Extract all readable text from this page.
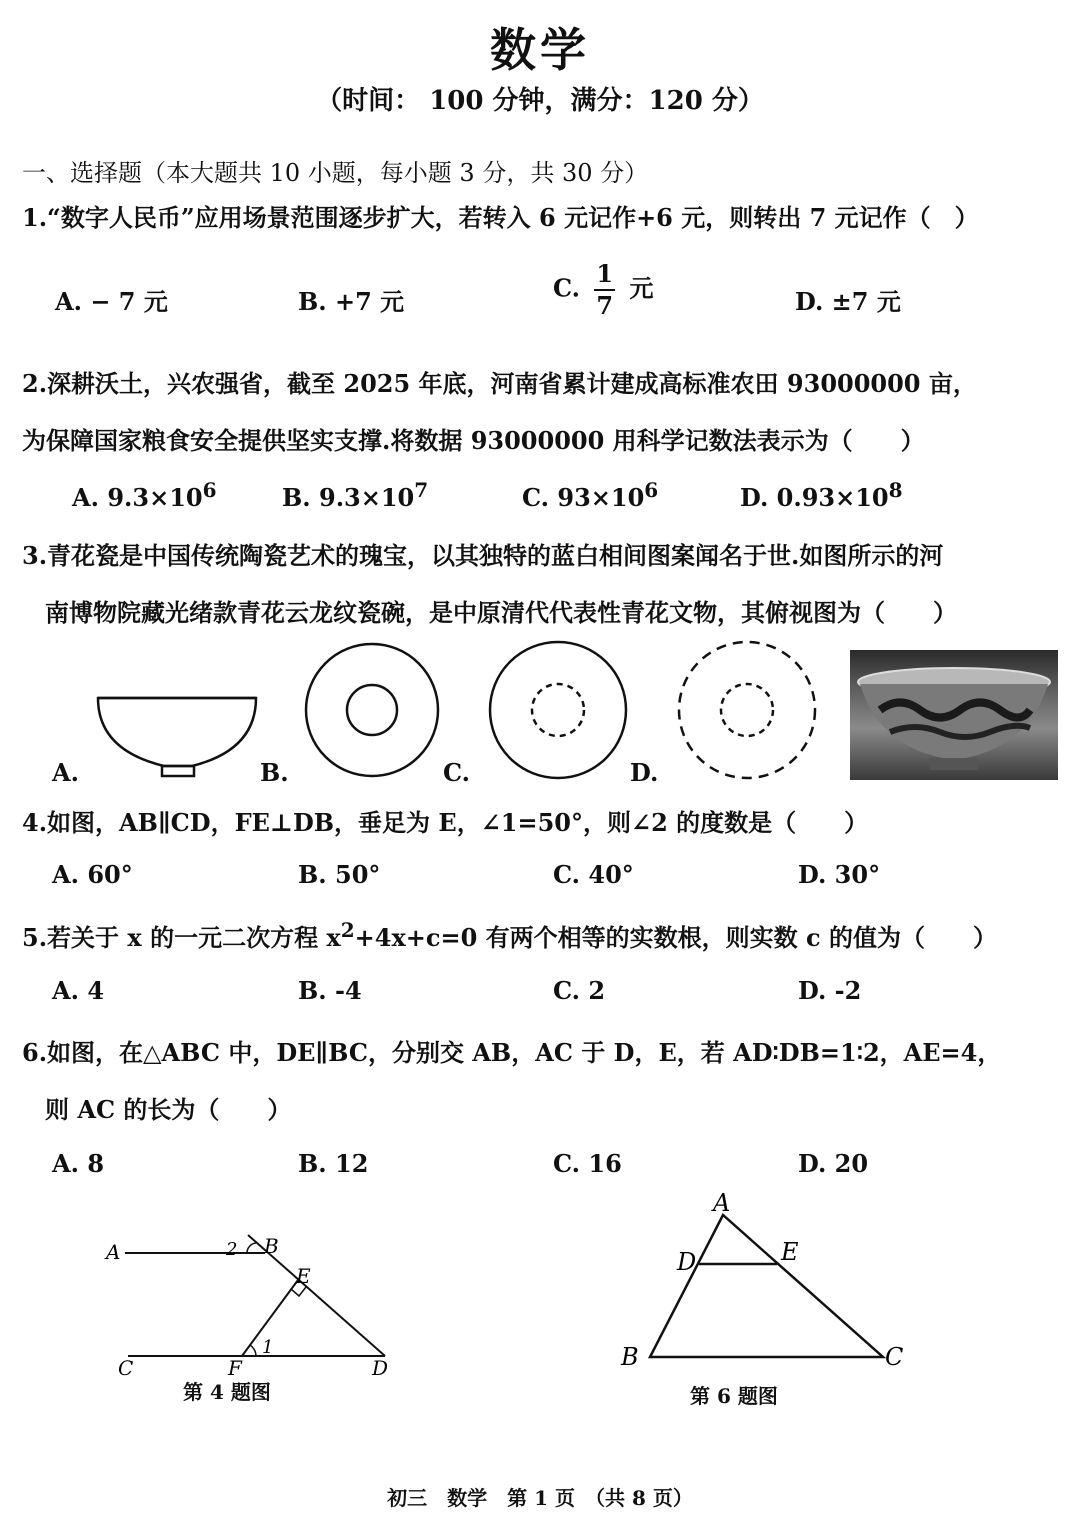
数学
（时间： 100 分钟，满分：120 分）
一、选择题（本大题共 10 小题，每小题 3 分，共 30 分）
1.“数字人民币”应用场景范围逐步扩大，若转入 6 元记作+6 元，则转出 7 元记作（　）
A. − 7 元	B. +7 元	C. $\frac{1}{7}$ 元	D. ±7 元
2.深耕沃土，兴农强省，截至 2025 年底，河南省累计建成高标准农田 93000000 亩，
为保障国家粮食安全提供坚实支撑.将数据 93000000 用科学记数法表示为（　　）
A. $9.3\times 10^6$	B. $9.3\times 10^7$	C. $93\times 10^6$	D. $0.93\times 10^8$
3.青花瓷是中国传统陶瓷艺术的瑰宝，以其独特的蓝白相间图案闻名于世.如图所示的河
南博物院藏光绪款青花云龙纹瓷碗，是中原清代代表性青花文物，其俯视图为（　　）
A.	B.	C.	D.
4.如图，AB∥CD，FE⊥DB，垂足为 E，∠1=50°，则∠2 的度数是（　　）
A. 60°	B. 50°	C. 40°	D. 30°
5.若关于 x 的一元二次方程 $x^2+4x+c=0$ 有两个相等的实数根，则实数 c 的值为（　　）
A. 4	B. -4	C. 2	D. -2
6.如图，在△ABC 中，DE∥BC，分别交 AB，AC 于 D，E，若 AD∶DB=1∶2，AE=4，
则 AC 的长为（　　）
A. 8	B. 12	C. 16	D. 20
A	B
E
C	F	D
1
2
第 4 题图
A
D	E
B	C
第 6 题图
初三　数学　第 1 页　（共 8 页）
